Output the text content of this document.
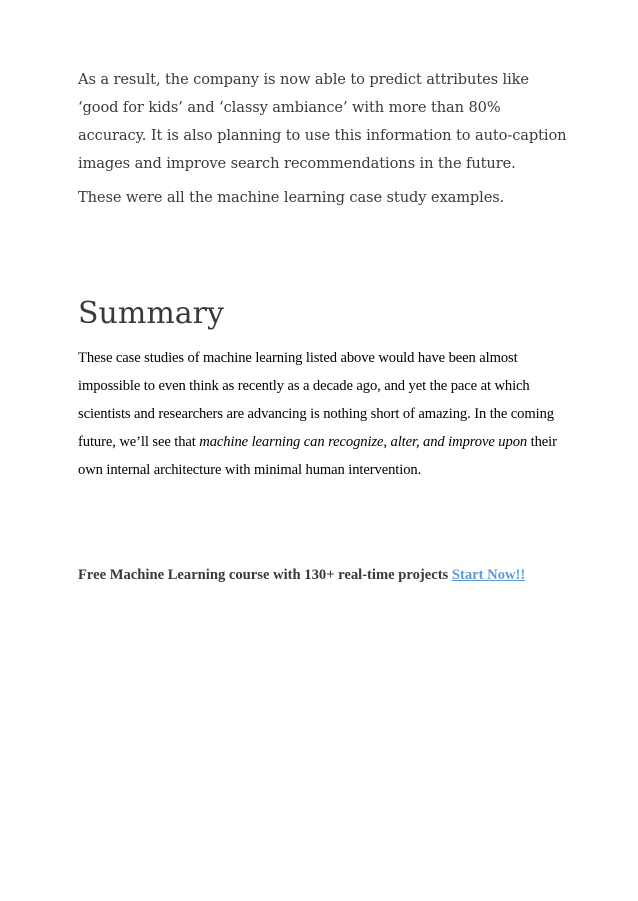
As a result, the company is now able to predict attributes like ‘good for kids’ and ‘classy ambiance’ with more than 80% accuracy. It is also planning to use this information to auto-caption images and improve search recommendations in the future.

These were all the machine learning case study examples.

Summary

These case studies of machine learning listed above would have been almost impossible to even think as recently as a decade ago, and yet the pace at which scientists and researchers are advancing is nothing short of amazing. In the coming future, we’ll see that machine learning can recognize, alter, and improve upon their own internal architecture with minimal human intervention.

Free Machine Learning course with 130+ real-time projects Start Now!!
